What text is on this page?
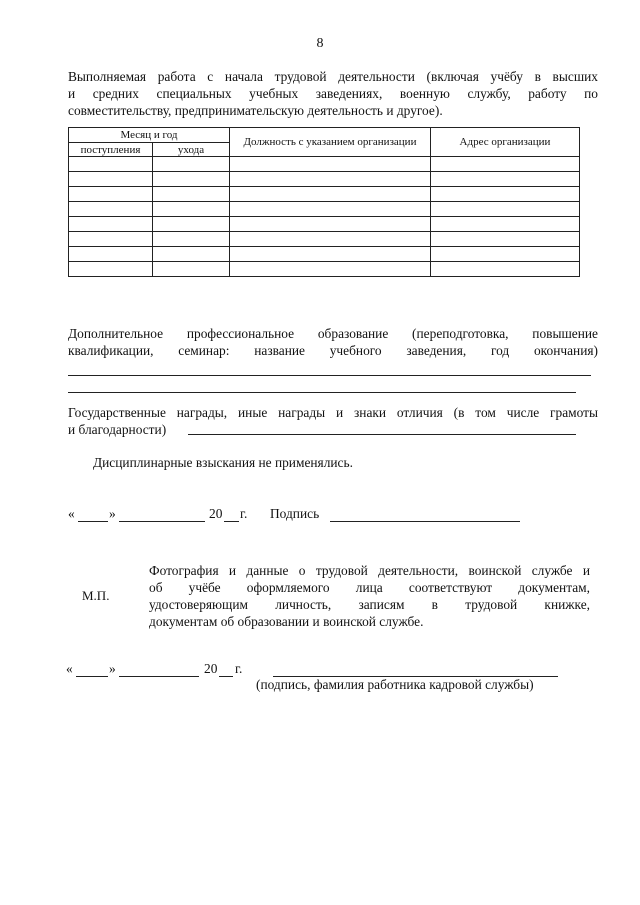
8
Выполняемая работа с начала трудовой деятельности (включая учёбу в высших
и средних специальных учебных заведениях, военную службу, работу по
совместительству, предпринимательскую деятельность и другое).
Месяц и год		Должность с указанием организации	Адрес организации
поступления	ухода		

Дополнительное профессиональное образование (переподготовка, повышение
квалификации, семинар: название учебного заведения, год окончания)
Государственные награды, иные награды и знаки отличия (в том числе грамоты
и благодарности)
Дисциплинарные взыскания не применялись.
«	»	20 г. Подпись
М.П.
Фотография и данные о трудовой деятельности, воинской службе и
об учёбе оформляемого лица соответствуют документам,
удостоверяющим личность, записям в трудовой книжке,
документам об образовании и воинской службе.
«	»	20 г.
(подпись, фамилия работника кадровой службы)
